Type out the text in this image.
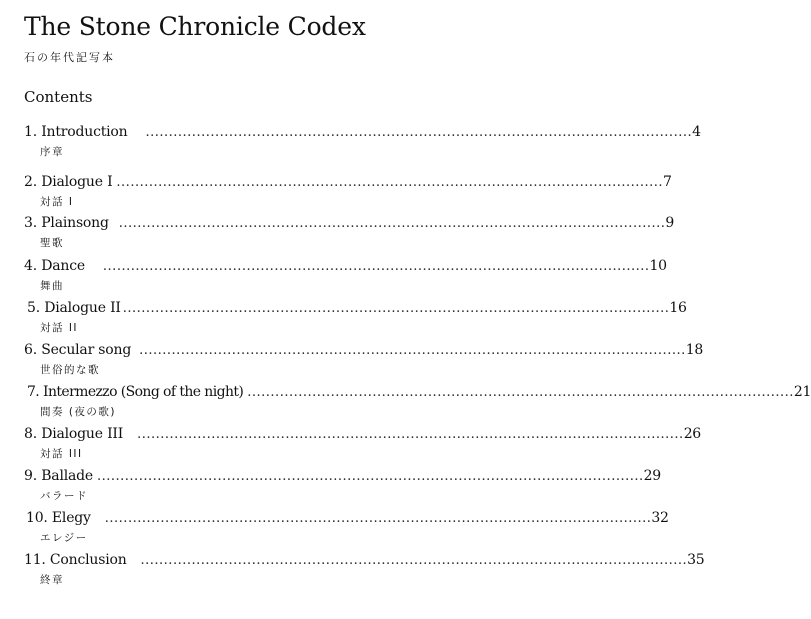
The Stone Chronicle Codex
石の年代記写本
Contents
1. Introduction ...................................................................................................................... 4
序章
2. Dialogue I ...................................................................................................................... 7
対話 I
3. Plainsong ...................................................................................................................... 9
聖歌
4. Dance ...................................................................................................................... 10
舞曲
5. Dialogue II ...................................................................................................................... 16
対話 II
6. Secular song ...................................................................................................................... 18
世俗的な歌
7. Intermezzo (Song of the night) ...................................................................................................................... 21
間奏 (夜の歌)
8. Dialogue III ...................................................................................................................... 26
対話 III
9. Ballade ...................................................................................................................... 29
バラード
10. Elegy ...................................................................................................................... 32
エレジー
11. Conclusion ...................................................................................................................... 35
終章
